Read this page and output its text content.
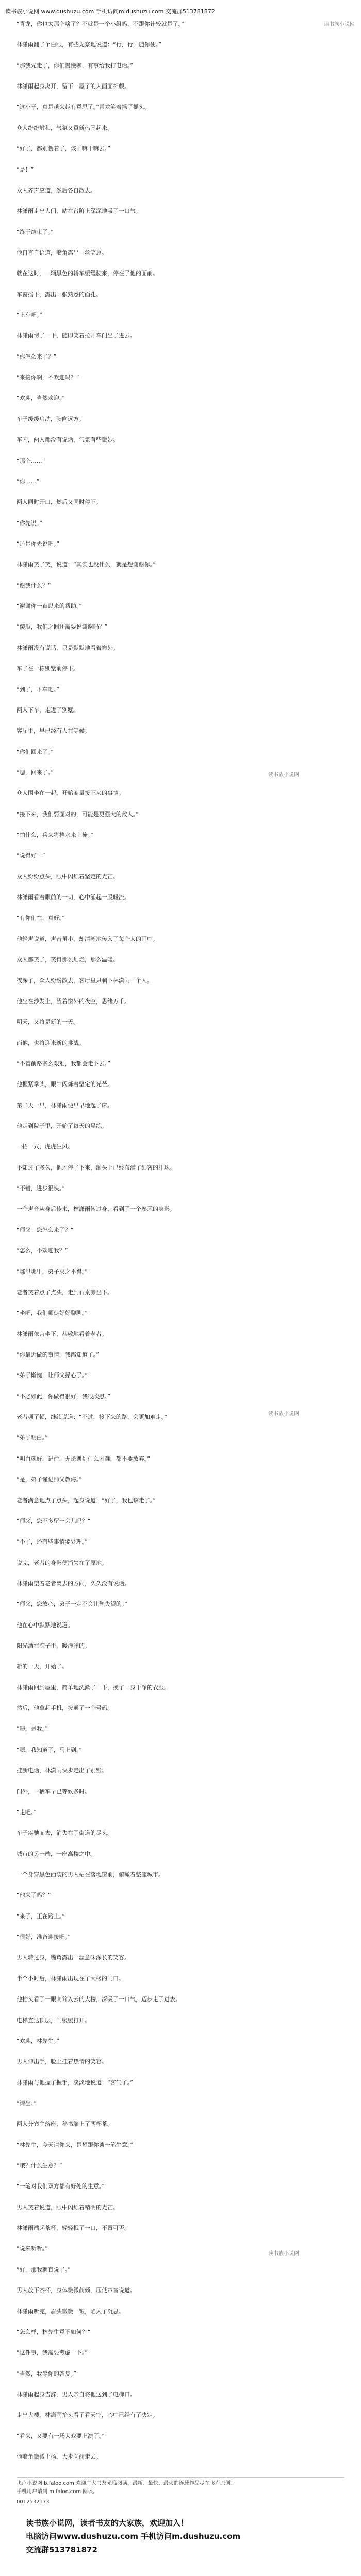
读书族小说网 www.dushuzu.com 手机访问m.dushuzu.com 交流群513781872
读书族小说网

“青龙，你也太那个啥了？不就是一个小组吗，不跟你计较就是了。”

林潇雨翻了个白眼，有些无奈地说道：“行，行，随你便。”

“那我先走了，你们慢慢聊，有事给我打电话。”

林潇雨起身离开，留下一屋子的人面面相觑。

“这小子，真是越来越有意思了。”青龙笑着摇了摇头。

众人纷纷附和，气氛又重新热闹起来。

“好了，都别愣着了，该干嘛干嘛去。”

“是！”

众人齐声应道，然后各自散去。

林潇雨走出大门，站在台阶上深深地吸了一口气。

“终于结束了。”

他自言自语道，嘴角露出一丝笑意。

就在这时，一辆黑色的轿车缓缓驶来，停在了他的面前。

车窗摇下，露出一张熟悉的面孔。

“上车吧。”

林潇雨愣了一下，随即笑着拉开车门坐了进去。

“你怎么来了？”

“来接你啊，不欢迎吗？”

“欢迎，当然欢迎。”

车子缓缓启动，驶向远方。

车内，两人都没有说话，气氛有些微妙。

“那个……”

“你……”

两人同时开口，然后又同时停下。

“你先说。”

“还是你先说吧。”

林潇雨笑了笑，说道：“其实也没什么，就是想谢谢你。”

“谢我什么？”

“谢谢你一直以来的帮助。”

“傻瓜，我们之间还需要说谢谢吗？”

林潇雨没有说话，只是默默地看着窗外。

车子在一栋别墅前停下。

“到了，下车吧。”

两人下车，走进了别墅。

客厅里，早已经有人在等候。

“你们回来了。”

“嗯，回来了。”

众人围坐在一起，开始商量接下来的事情。

“接下来，我们要面对的，可能是更强大的敌人。”

“怕什么，兵来将挡水来土掩。”

“说得好！”

众人纷纷点头，眼中闪烁着坚定的光芒。

林潇雨看着眼前的一切，心中涌起一股暖流。

“有你们在，真好。”

他轻声说道，声音虽小，却清晰地传入了每个人的耳中。

众人都笑了，笑得那么灿烂，那么温暖。

夜深了，众人纷纷散去，客厅里只剩下林潇雨一个人。

他坐在沙发上，望着窗外的夜空，思绪万千。

明天，又将是新的一天。

而他，也将迎来新的挑战。

“不管前路多么艰难，我都会走下去。”

他握紧拳头，眼中闪烁着坚定的光芒。

第二天一早，林潇雨便早早地起了床。

他走到院子里，开始了每天的晨练。

一招一式，虎虎生风。

不知过了多久，他才停了下来，额头上已经布满了细密的汗珠。

“不错，进步很快。”

一个声音从身后传来，林潇雨转过身，看到了一个熟悉的身影。

“师父！您怎么来了？”

“怎么，不欢迎我？”

“哪里哪里，弟子求之不得。”

老者笑着点了点头，走到石桌旁坐下。

“坐吧，我们师徒好好聊聊。”

林潇雨依言坐下，恭敬地看着老者。

“你最近做的事情，我都知道了。”

“弟子惭愧，让师父操心了。”

“不必如此，你做得很好，我很欣慰。”

老者顿了顿，继续说道：“不过，接下来的路，会更加难走。”

“弟子明白。”

“明白就好，记住，无论遇到什么困难，都不要放弃。”

“是，弟子谨记师父教诲。”

老者满意地点了点头，起身说道：“好了，我也该走了。”

“师父，您不多留一会儿吗？”

“不了，还有些事情要处理。”

说完，老者的身影便消失在了原地。

林潇雨望着老者离去的方向，久久没有说话。

“师父，您放心，弟子一定不会让您失望的。”

他在心中默默地说道。

阳光洒在院子里，暖洋洋的。

新的一天，开始了。

林潇雨回到屋里，简单地洗漱了一下，换了一身干净的衣服。

然后，他拿起手机，拨通了一个号码。

“喂，是我。”

“嗯，我知道了，马上到。”

挂断电话，林潇雨快步走出了别墅。

门外，一辆车早已等候多时。

“走吧。”

车子疾驰而去，消失在了街道的尽头。

城市的另一端，一座高楼之中。

一个身穿黑色西装的男人站在落地窗前，俯瞰着整座城市。

“他来了吗？”

“来了，正在路上。”

“很好，准备迎接吧。”

男人转过身，嘴角露出一丝意味深长的笑容。

半个小时后，林潇雨出现在了大楼的门口。

他抬头看了一眼高耸入云的大楼，深吸了一口气，迈步走了进去。

电梯直达顶层，门缓缓打开。

“欢迎，林先生。”

男人伸出手，脸上挂着热情的笑容。

林潇雨与他握了握手，淡淡地说道：“客气了。”

“请坐。”

两人分宾主落座，秘书端上了两杯茶。

“林先生，今天请你来，是想跟你谈一笔生意。”

“哦？什么生意？”

“一笔对我们双方都有好处的生意。”

男人笑着说道，眼中闪烁着精明的光芒。

林潇雨端起茶杯，轻轻抿了一口，不置可否。

“说来听听。”

“好，那我就直说了。”

男人放下茶杯，身体微微前倾，压低声音说道。

林潇雨听完，眉头微微一皱，陷入了沉思。

“怎么样，林先生意下如何？”

“这件事，我需要考虑一下。”

“当然，我等你的答复。”

林潇雨起身告辞，男人亲自将他送到了电梯口。

走出大楼，林潇雨抬头看了看天空，心中已经有了决定。

“看来，又要有一场大戏要上演了。”

他嘴角微微上扬，大步向前走去。

读书族小说网
读书族小说网
读书族小说网
飞卢小说网 b.faloo.com 欢迎广大书友光临阅读，最新、最快、最火的连载作品尽在飞卢原创！
手机用户请到 m.faloo.com 阅读。
0012532173
读书族小说网，读者书友的大家族，欢迎加入！
电脑访问www.dushuzu.com 手机访问m.dushuzu.com
交流群513781872
